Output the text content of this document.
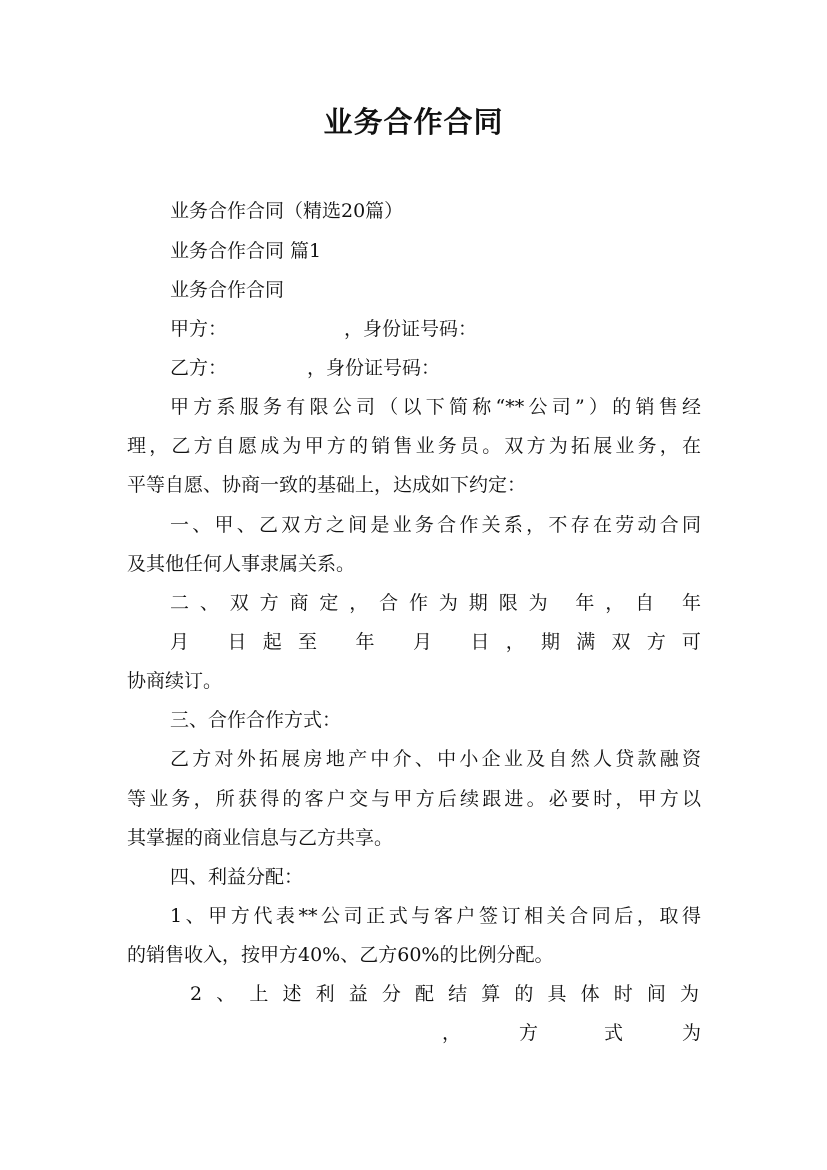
业务合作合同
业务合作合同（精选20篇）
业务合作合同 篇1
业务合作合同
甲方：	，身份证号码：
乙方：	，身份证号码：
甲方系服务有限公司（以下简称“**公司”）的销售经
理，乙方自愿成为甲方的销售业务员。双方为拓展业务，在
平等自愿、协商一致的基础上，达成如下约定：
一、甲、乙双方之间是业务合作关系，不存在劳动合同
及其他任何人事隶属关系。
二、双方商定，合作为期限为 年，自 年
月 日起至 年 月 日，期满双方可
协商续订。
三、合作合作方式：
乙方对外拓展房地产中介、中小企业及自然人贷款融资
等业务，所获得的客户交与甲方后续跟进。必要时，甲方以
其掌握的商业信息与乙方共享。
四、利益分配：
1、甲方代表**公司正式与客户签订相关合同后，取得
的销售收入，按甲方40%、乙方60%的比例分配。
2、上述利益分配结算的具体时间为
，	方	式	为
